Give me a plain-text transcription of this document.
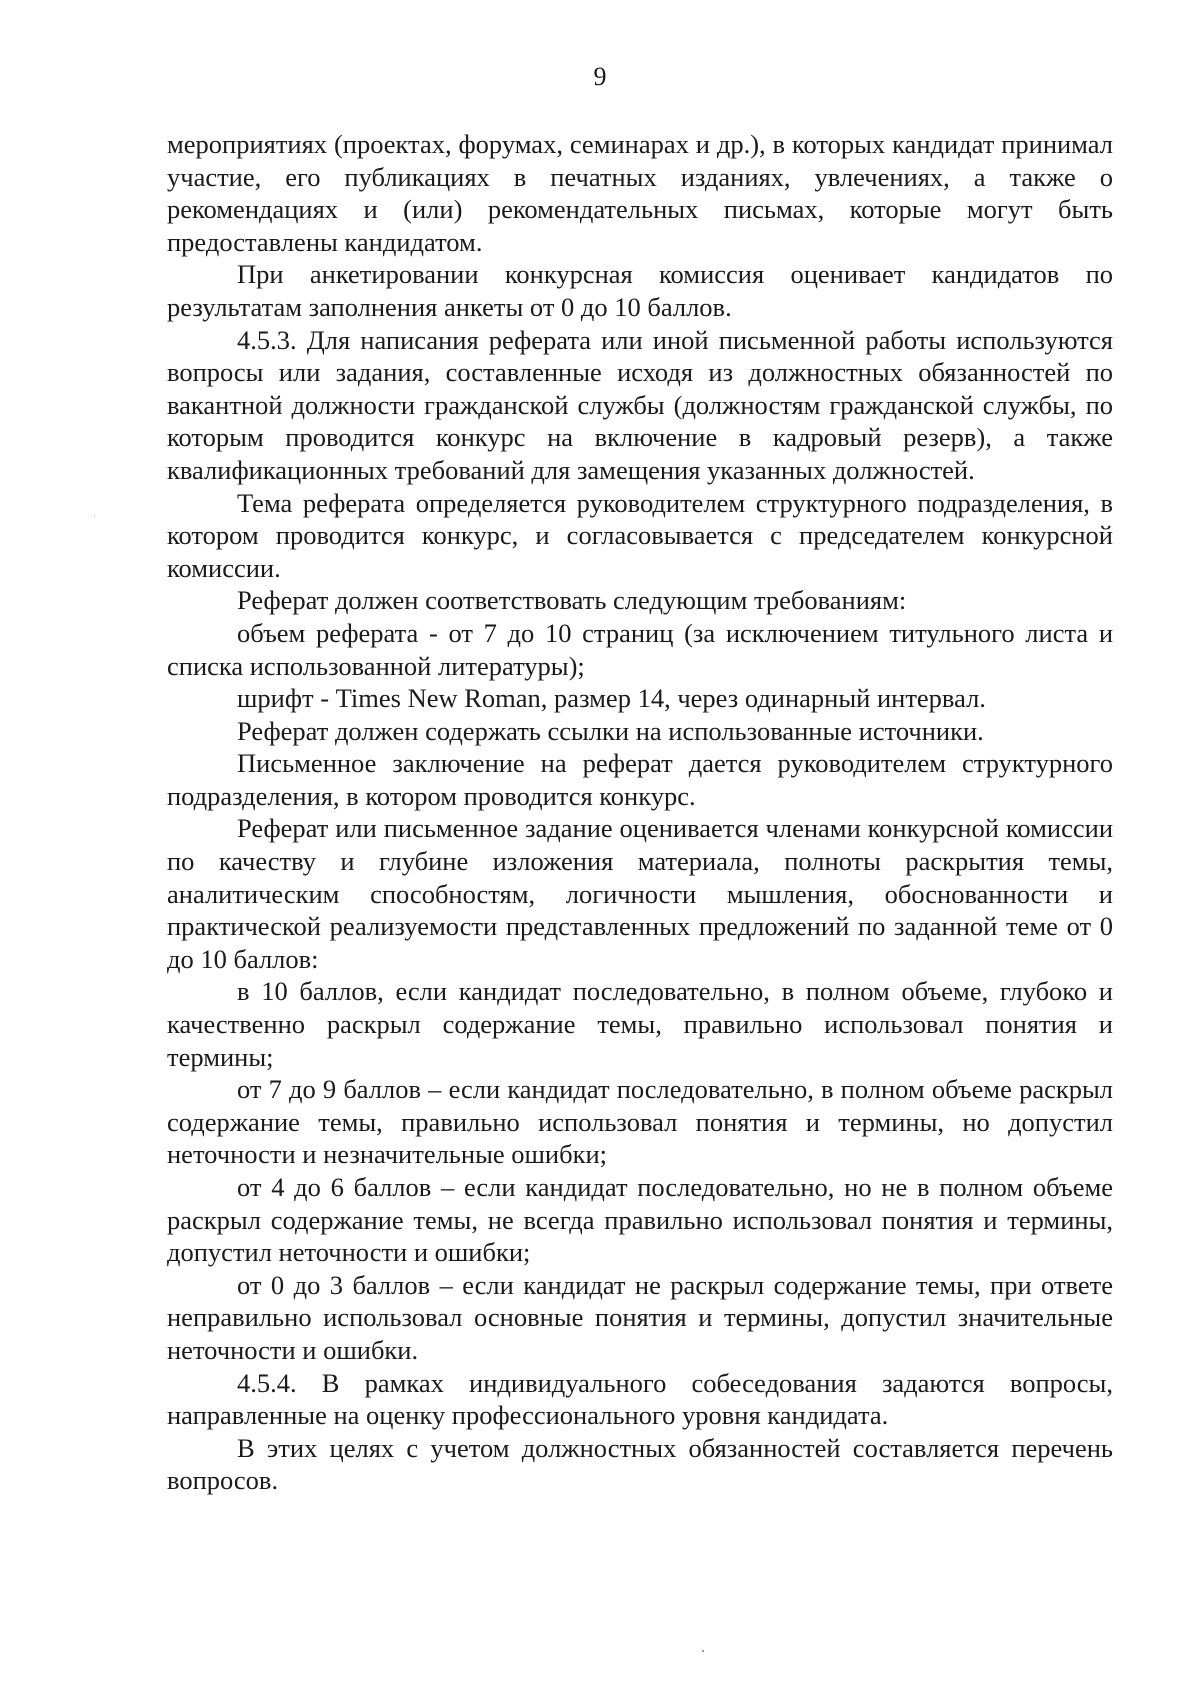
9

мероприятиях (проектах, форумах, семинарах и др.), в которых кандидат принимал участие, его публикациях в печатных изданиях, увлечениях, а также о рекомендациях и (или) рекомендательных письмах, которые могут быть предоставлены кандидатом.

При анкетировании конкурсная комиссия оценивает кандидатов по результатам заполнения анкеты от 0 до 10 баллов.

4.5.3. Для написания реферата или иной письменной работы используются вопросы или задания, составленные исходя из должностных обязанностей по вакантной должности гражданской службы (должностям гражданской службы, по которым проводится конкурс на включение в кадровый резерв), а также квалификационных требований для замещения указанных должностей.

Тема реферата определяется руководителем структурного подразделения, в котором проводится конкурс, и согласовывается с председателем конкурсной комиссии.

Реферат должен соответствовать следующим требованиям:

объем реферата - от 7 до 10 страниц (за исключением титульного листа и списка использованной литературы);

шрифт - Times New Roman, размер 14, через одинарный интервал.

Реферат должен содержать ссылки на использованные источники.

Письменное заключение на реферат дается руководителем структурного подразделения, в котором проводится конкурс.

Реферат или письменное задание оценивается членами конкурсной комиссии по качеству и глубине изложения материала, полноты раскрытия темы, аналитическим способностям, логичности мышления, обоснованности и практической реализуемости представленных предложений по заданной теме от 0 до 10 баллов:

в 10 баллов, если кандидат последовательно, в полном объеме, глубоко и качественно раскрыл содержание темы, правильно использовал понятия и термины;

от 7 до 9 баллов – если кандидат последовательно, в полном объеме раскрыл содержание темы, правильно использовал понятия и термины, но допустил неточности и незначительные ошибки;

от 4 до 6 баллов – если кандидат последовательно, но не в полном объеме раскрыл содержание темы, не всегда правильно использовал понятия и термины, допустил неточности и ошибки;

от 0 до 3 баллов – если кандидат не раскрыл содержание темы, при ответе неправильно использовал основные понятия и термины, допустил значительные неточности и ошибки.

4.5.4. В рамках индивидуального собеседования задаются вопросы, направленные на оценку профессионального уровня кандидата.

В этих целях с учетом должностных обязанностей составляется перечень вопросов.
